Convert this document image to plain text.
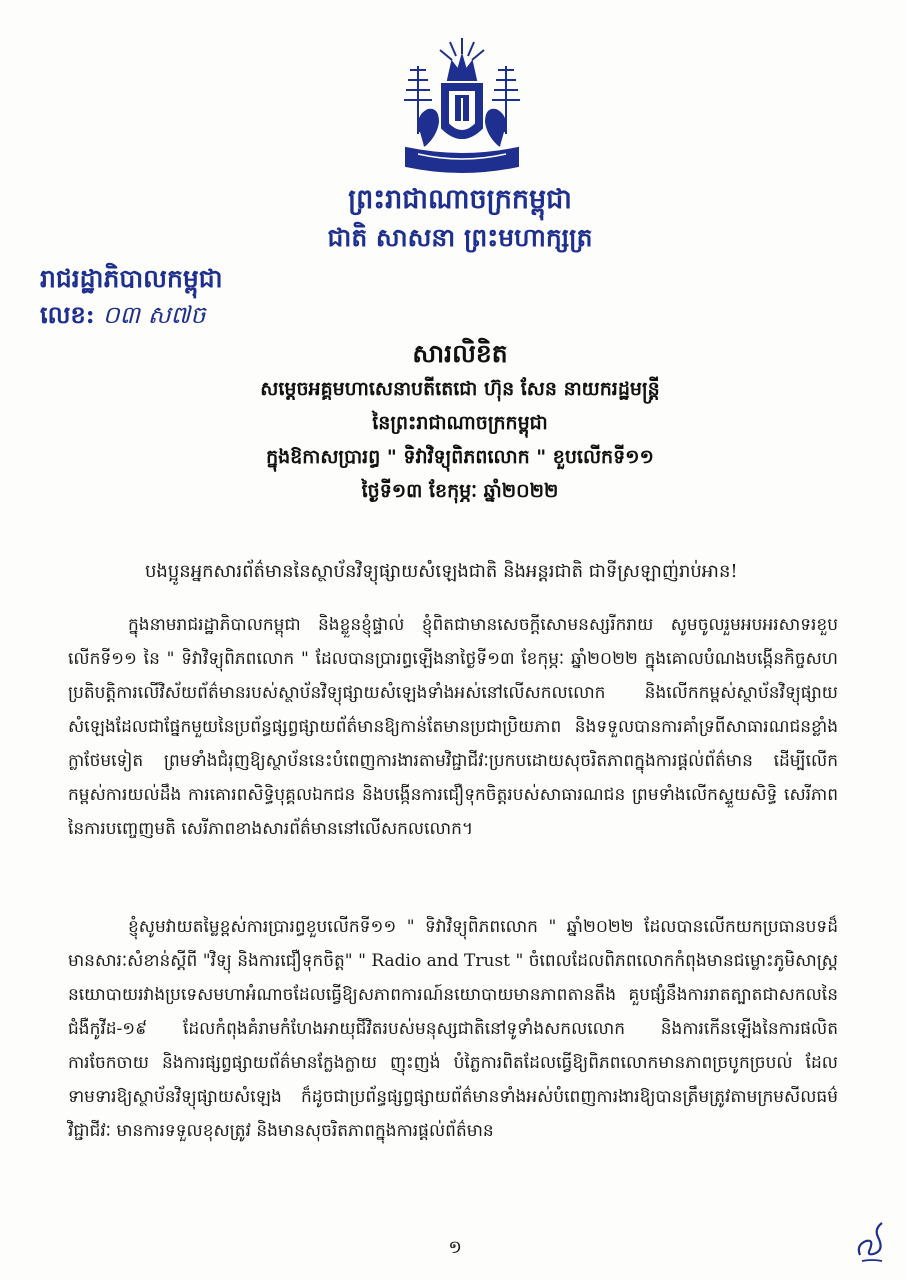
ព្រះរាជាណាចក្រកម្ពុជា
ជាតិ សាសនា ព្រះមហាក្សត្រ
រាជរដ្ឋាភិបាលកម្ពុជា
លេខ: ០៣ ស៧ច
សារលិខិត
សម្តេចអគ្គមហាសេនាបតីតេជោ ហ៊ុន សែន នាយករដ្ឋមន្ត្រី
នៃព្រះរាជាណាចក្រកម្ពុជា
ក្នុងឱកាសប្រារព្ធ " ទិវាវិទ្យុពិភពលោក " ខួបលើកទី១១
ថ្ងៃទី១៣ ខែកុម្ភៈ ឆ្នាំ២០២២
បងប្អូនអ្នកសារព័ត៌មាននៃស្ថាប័នវិទ្យុផ្សាយសំឡេងជាតិ និងអន្តរជាតិ ជាទីស្រឡាញ់រាប់អាន!

ក្នុងនាមរាជរដ្ឋាភិបាលកម្ពុជា និងខ្លួនខ្ញុំផ្ទាល់ ខ្ញុំពិតជាមានសេចក្តីសោមនស្សរីករាយ សូមចូលរួមអបអរសាទរខួបលើកទី១១ នៃ " ទិវាវិទ្យុពិភពលោក " ដែលបានប្រារព្ធឡើងនាថ្ងៃទី១៣ ខែកុម្ភៈ ឆ្នាំ២០២២ ក្នុងគោលបំណងបង្កើនកិច្ចសហប្រតិបត្តិការលើវិស័យព័ត៌មានរបស់ស្ថាប័នវិទ្យុផ្សាយសំឡេងទាំងអស់នៅលើសកលលោក និងលើកកម្ពស់ស្ថាប័នវិទ្យុផ្សាយសំឡេងដែលជាផ្នែកមួយនៃប្រព័ន្ធផ្សព្វផ្សាយព័ត៌មានឱ្យកាន់តែមានប្រជាប្រិយភាព និងទទួលបានការគាំទ្រពីសាធារណជនខ្លាំងក្លាថែមទៀត ព្រមទាំងជំរុញឱ្យស្ថាប័ននេះបំពេញការងារតាមវិជ្ជាជីវៈប្រកបដោយសុចរិតភាពក្នុងការផ្តល់ព័ត៌មាន ដើម្បីលើកកម្ពស់ការយល់ដឹង ការគោរពសិទ្ធិបុគ្គលឯកជន និងបង្កើនការជឿទុកចិត្តរបស់សាធារណជន ព្រមទាំងលើកស្ទួយសិទ្ធិ សេរីភាពនៃការបញ្ចេញមតិ សេរីភាពខាងសារព័ត៌មាននៅលើសកលលោក។

ខ្ញុំសូមវាយតម្លៃខ្ពស់ការប្រារព្ធខួបលើកទី១១ " ទិវាវិទ្យុពិភពលោក " ឆ្នាំ២០២២ ដែលបានលើកយកប្រធានបទដ៏មានសារៈសំខាន់ស្តីពី "វិទ្យុ និងការជឿទុកចិត្ត" " Radio and Trust " ចំពេលដែលពិភពលោកកំពុងមានជម្លោះភូមិសាស្ត្រនយោបាយរវាងប្រទេសមហាអំណាចដែលធ្វើឱ្យសភាពការណ៍នយោបាយមានភាពតានតឹង គួបផ្សំនឹងការរាតត្បាតជាសកលនៃជំងឺកូវីដ-១៩ ដែលកំពុងគំរាមកំហែងអាយុជីវិតរបស់មនុស្សជាតិនៅទូទាំងសកលលោក និងការកើនឡើងនៃការផលិត ការចែកចាយ និងការផ្សព្វផ្សាយព័ត៌មានក្លែងក្លាយ ញុះញង់ បំភ្លៃការពិតដែលធ្វើឱ្យពិភពលោកមានភាពច្របូកច្របល់ ដែលទាមទារឱ្យស្ថាប័នវិទ្យុផ្សាយសំឡេង ក៏ដូចជាប្រព័ន្ធផ្សព្វផ្សាយព័ត៌មានទាំងអស់បំពេញការងារឱ្យបានត្រឹមត្រូវតាមក្រមសីលធម៌ វិជ្ជាជីវៈ មានការទទួលខុសត្រូវ និងមានសុចរិតភាពក្នុងការផ្តល់ព័ត៌មាន

១
